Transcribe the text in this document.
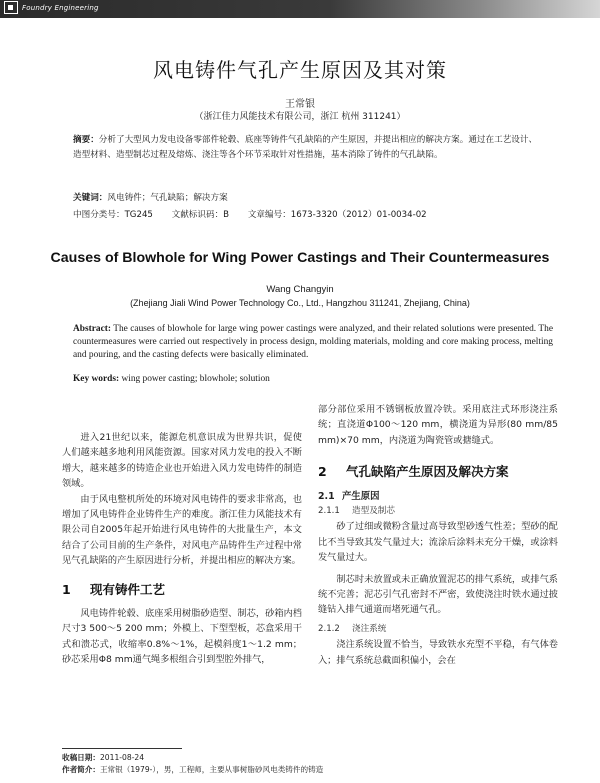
Foundry Engineering
风电铸件气孔产生原因及其对策
王常银
（浙江佳力风能技术有限公司，浙江 杭州 311241）
摘要：分析了大型风力发电设备零部件轮毂、底座等铸件气孔缺陷的产生原因，并提出相应的解决方案。通过在工艺设计、造型材料、造型制芯过程及熔炼、浇注等各个环节采取针对性措施，基本消除了铸件的气孔缺陷。
关键词：风电铸件；气孔缺陷；解决方案
中图分类号：TG245 文献标识码：B 文章编号：1673-3320（2012）01-0034-02
Causes of Blowhole for Wing Power Castings and Their Countermeasures
Wang Changyin
(Zhejiang Jiali Wind Power Technology Co., Ltd., Hangzhou 311241, Zhejiang, China)
Abstract: The causes of blowhole for large wing power castings were analyzed, and their related solutions were presented. The countermeasures were carried out respectively in process design, molding materials, molding and core making process, melting and pouring, and the casting defects were basically eliminated.
Key words: wing power casting; blowhole; solution

进入21世纪以来，能源危机意识成为世界共识，促使人们越来越多地利用风能资源。国家对风力发电的投入不断增大，越来越多的铸造企业也开始进入风力发电铸件的制造领域。

由于风电整机所处的环境对风电铸件的要求非常高，也增加了风电铸件企业铸件生产的难度。浙江佳力风能技术有限公司自2005年起开始进行风电铸件的大批量生产，本文结合了公司目前的生产条件，对风电产品铸件生产过程中常见气孔缺陷的产生原因进行分析，并提出相应的解决方案。

1 现有铸件工艺

风电铸件轮毂、底座采用树脂砂造型、制芯，砂箱内档尺寸3 500～5 200 mm；外模上、下型型板，芯盒采用干式和溃芯式，收缩率0.8%～1%，起模斜度1～1.2 mm；砂芯采用Φ8 mm通气绳多根组合引到型腔外排气，

部分部位采用不锈钢板放置冷铁。采用底注式环形浇注系统；直浇道Φ100～120 mm，横浇道为异形(80 mm/85 mm)×70 mm，内浇道为陶瓷管或搪缝式。

2 气孔缺陷产生原因及解决方案
2.1 产生原因
2.1.1 造型及制芯

砂了过细或微粉含量过高导致型砂透气性差；型砂的配比不当导致其发气量过大；流涂后涂料未充分干燥，或涂料发气量过大。

制芯时未放置或未正确放置泥芯的排气系统，或排气系统不完善；泥芯引气孔密封不严密，致使浇注时铁水通过披缝钻入排气通道而堵死通气孔。

2.1.2 浇注系统

浇注系统设置不恰当，导致铁水充型不平稳，有气体卷入；排气系统总截面积偏小，会在

收稿日期：2011-08-24
作者简介：王常银（1979-），男，工程师，主要从事树脂砂风电类铸件的铸造
